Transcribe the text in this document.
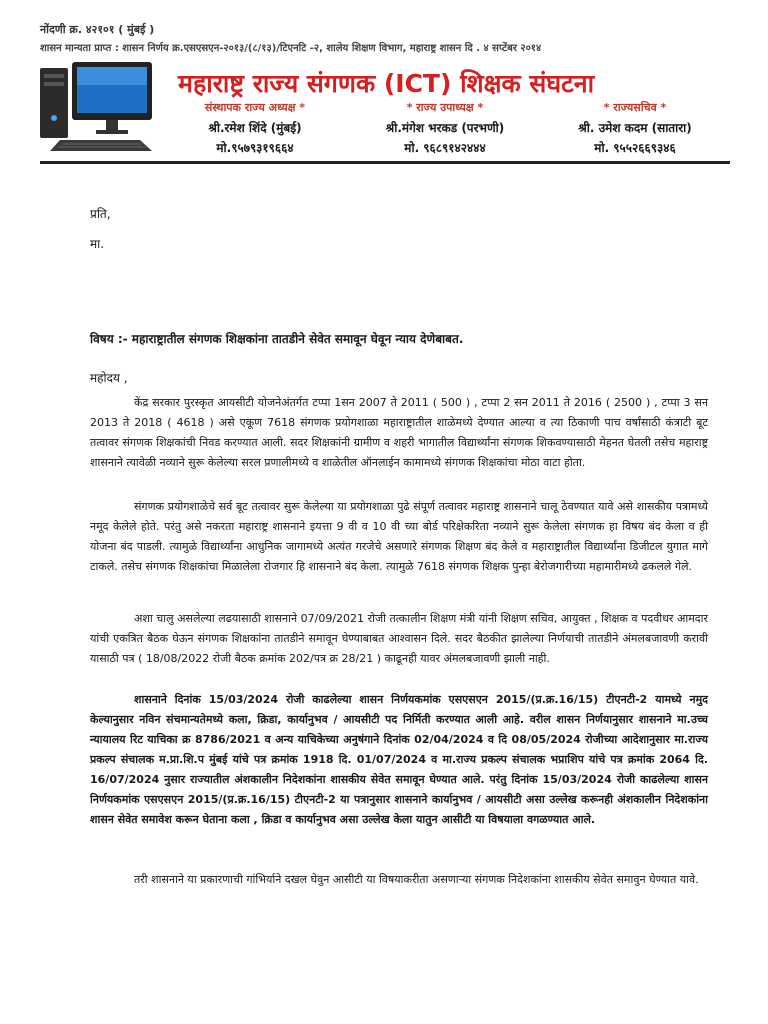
नोंदणी क्र. ४२१०१ ( मुंबई )
शासन मान्यता प्राप्त : शासन निर्णय क्र.एसएसएन-२०१३/(८/१३)/टिएनटि -२, शालेय शिक्षण विभाग, महाराष्ट्र शासन दि . ४ सप्टेंबर २०१४
महाराष्ट्र राज्य संगणक (ICT) शिक्षक संघटना
संस्थापक राज्य अध्यक्ष *
श्री.रमेश शिंदे (मुंबई)
मो.९५७९३१९६६४
* राज्य उपाध्यक्ष *
श्री.मंगेश भरकड (परभणी)
मो. ९६८९१४२४४४
* राज्यसचिव *
श्री. उमेश कदम (सातारा)
मो. ९५५२६६९३४६
प्रति,
मा.
विषय :- महाराष्ट्रातील संगणक शिक्षकांना तातडीने सेवेत समावून घेवून न्याय देणेबाबत.
महोदय ,

केंद्र सरकार पुरस्कृत आयसीटी योजनेअंतर्गत टप्पा 1सन 2007 ते 2011 ( 500 ) , टप्पा 2 सन 2011 ते 2016 ( 2500 ) , टप्पा 3 सन 2013 ते 2018 ( 4618 ) असे एकूण 7618 संगणक प्रयोगशाळा महाराष्ट्रातील शाळेमध्ये देण्यात आल्या व त्या ठिकाणी पाच वर्षांसाठी कंत्राटी बूट तत्वावर संगणक शिक्षकांची निवड करण्यात आली. सदर शिक्षकांनी ग्रामीण व शहरी भागातील विद्यार्थ्यांना संगणक शिकवण्यासाठी मेहनत घेतली तसेच महाराष्ट्र शासनाने त्यावेळी नव्याने सुरू केलेल्या सरल प्रणालीमध्ये व शाळेतील ऑनलाईन कामामध्ये संगणक शिक्षकांचा मोठा वाटा होता.

संगणक प्रयोगशाळेचे सर्व बूट तत्वावर सुरू केलेल्या या प्रयोगशाळा पुढे संपूर्ण तत्वावर महाराष्ट्र शासनाने चालू ठेवण्यात यावे असे शासकीय पत्रामध्ये नमूद केलेले होते. परंतु असे नकरता महाराष्ट्र शासनाने इयत्ता 9 वी व 10 वी च्या बोर्ड परिक्षेकरिता नव्याने सुरू केलेला संगणक हा विषय बंद केला व ही योजना बंद पाडली. त्यामुळे विद्यार्थ्यांना आधुनिक जागामध्ये अत्यंत गरजेचे असणारे संगणक शिक्षण बंद केले व महाराष्ट्रातील विद्यार्थ्यांना डिजीटल युगात मागे टाकले. तसेच संगणक शिक्षकांचा मिळालेला रोजगार हि शासनाने बंद केला. त्यामुळे 7618 संगणक शिक्षक पुन्हा बेरोजगारीच्या महामारीमध्ये ढकलले गेले.

अशा चालु असलेल्या लढयासाठी शासनाने 07/09/2021 रोजी तत्कालीन शिक्षण मंत्री यांनी शिक्षण सचिव, आयुक्त , शिक्षक व पदवीधर आमदार यांची एकत्रित बैठक घेऊन संगणक शिक्षकांना तातडीने समावून घेण्याबाबत आश्वासन दिले. सदर बैठकीत झालेल्या निर्णयाची तातडीने अंमलबजावणी करावी यासाठी पत्र ( 18/08/2022 रोजी बैठक क्रमांक 202/पत्र क्र 28/21 ) काढूनही यावर अंमलबजावणी झाली नाही.

शासनाने दिनांक 15/03/2024 रोजी काढलेल्या शासन निर्णयकमांक एसएसएन 2015/(प्र.क्र.16/15) टीएनटी-2 यामध्ये नमुद केल्यानुसार नविन संचमान्यतेमध्ये कला, क्रिडा, कार्यानुभव / आयसीटी पद निर्मिती करण्यात आली आहे. वरील शासन निर्णयानुसार शासनाने मा.उच्च न्यायालय रिट याचिका क्र 8786/2021 व अन्य याचिकेच्या अनुषंगाने दिनांक 02/04/2024 व दि 08/05/2024 रोजीच्या आदेशानुसार मा.राज्य प्रकल्प संचालक म.प्रा.शि.प मुंबई यांचे पत्र क्रमांक 1918 दि. 01/07/2024 व मा.राज्य प्रकल्प संचालक भप्राशिप यांचे पत्र क्रमांक 2064 दि. 16/07/2024 नुसार राज्यातील अंशकालीन निदेशकांना शासकीय सेवेत समावून घेण्यात आले. परंतु दिनांक 15/03/2024 रोजी काढलेल्या शासन निर्णयकमांक एसएसएन 2015/(प्र.क्र.16/15) टीएनटी-2 या पत्रानुसार शासनाने कार्यानुभव / आयसीटी असा उल्लेख करूनही अंशकालीन निदेशकांना शासन सेवेत समावेश करून घेताना कला , क्रिडा व कार्यानुभव असा उल्लेख केला यातुन आसीटी या विषयाला वगळण्यात आले.

तरी शासनाने या प्रकारणाची गांभिर्याने दखल घेवुन आसीटी या विषयाकरीता असणाऱ्या संगणक निदेशकांना शासकीय सेवेत समावुन घेण्यात यावे.
